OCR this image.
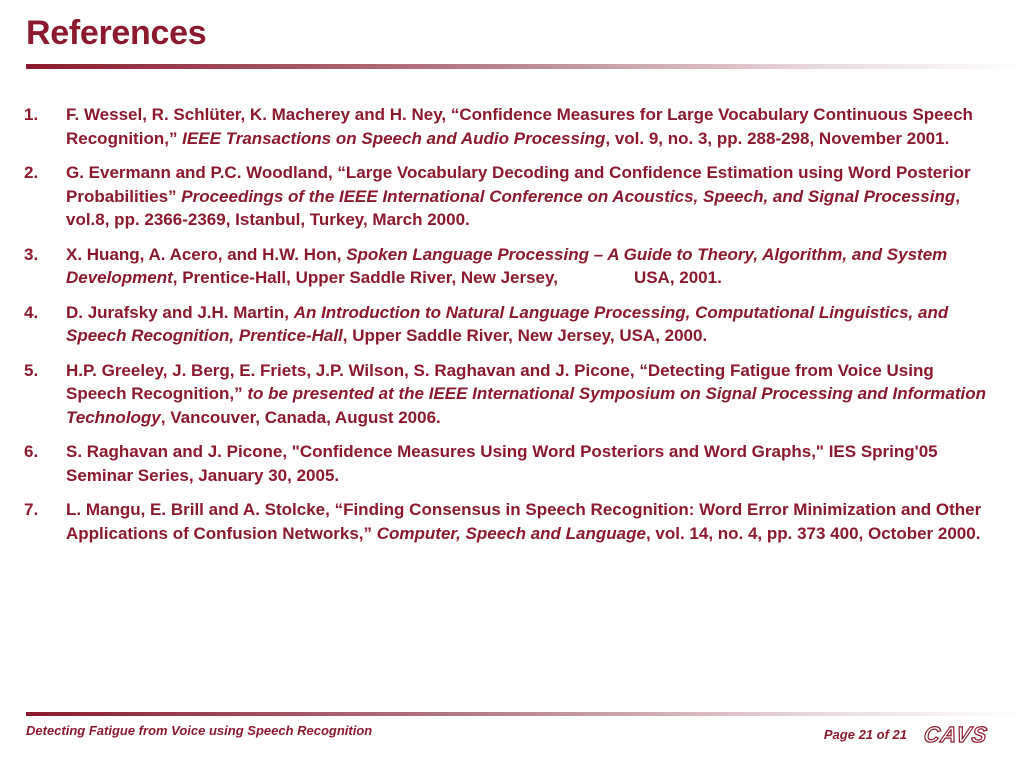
References
1. F. Wessel, R. Schlüter, K. Macherey and H. Ney, “Confidence Measures for Large Vocabulary Continuous Speech Recognition,” IEEE Transactions on Speech and Audio Processing, vol. 9, no. 3, pp. 288-298, November 2001.
2. G. Evermann and P.C. Woodland, “Large Vocabulary Decoding and Confidence Estimation using Word Posterior Probabilities” Proceedings of the IEEE International Conference on Acoustics, Speech, and Signal Processing, vol.8, pp. 2366-2369, Istanbul, Turkey, March 2000.
3. X. Huang, A. Acero, and H.W. Hon, Spoken Language Processing – A Guide to Theory, Algorithm, and System Development, Prentice-Hall, Upper Saddle River, New Jersey,	USA, 2001.
4. D. Jurafsky and J.H. Martin, An Introduction to Natural Language Processing, Computational Linguistics, and Speech Recognition, Prentice-Hall, Upper Saddle River, New Jersey, USA, 2000.
5. H.P. Greeley, J. Berg, E. Friets, J.P. Wilson, S. Raghavan and J. Picone, “Detecting Fatigue from Voice Using Speech Recognition,” to be presented at the IEEE International Symposium on Signal Processing and Information Technology, Vancouver, Canada, August 2006.
6. S. Raghavan and J. Picone, "Confidence Measures Using Word Posteriors and Word Graphs," IES Spring'05 Seminar Series, January 30, 2005.
7. L. Mangu, E. Brill and A. Stolcke, “Finding Consensus in Speech Recognition: Word Error Minimization and Other Applications of Confusion Networks,” Computer, Speech and Language, vol. 14, no. 4, pp. 373 400, October 2000.
Detecting Fatigue from Voice using Speech Recognition	Page 21 of 21 CAVS
